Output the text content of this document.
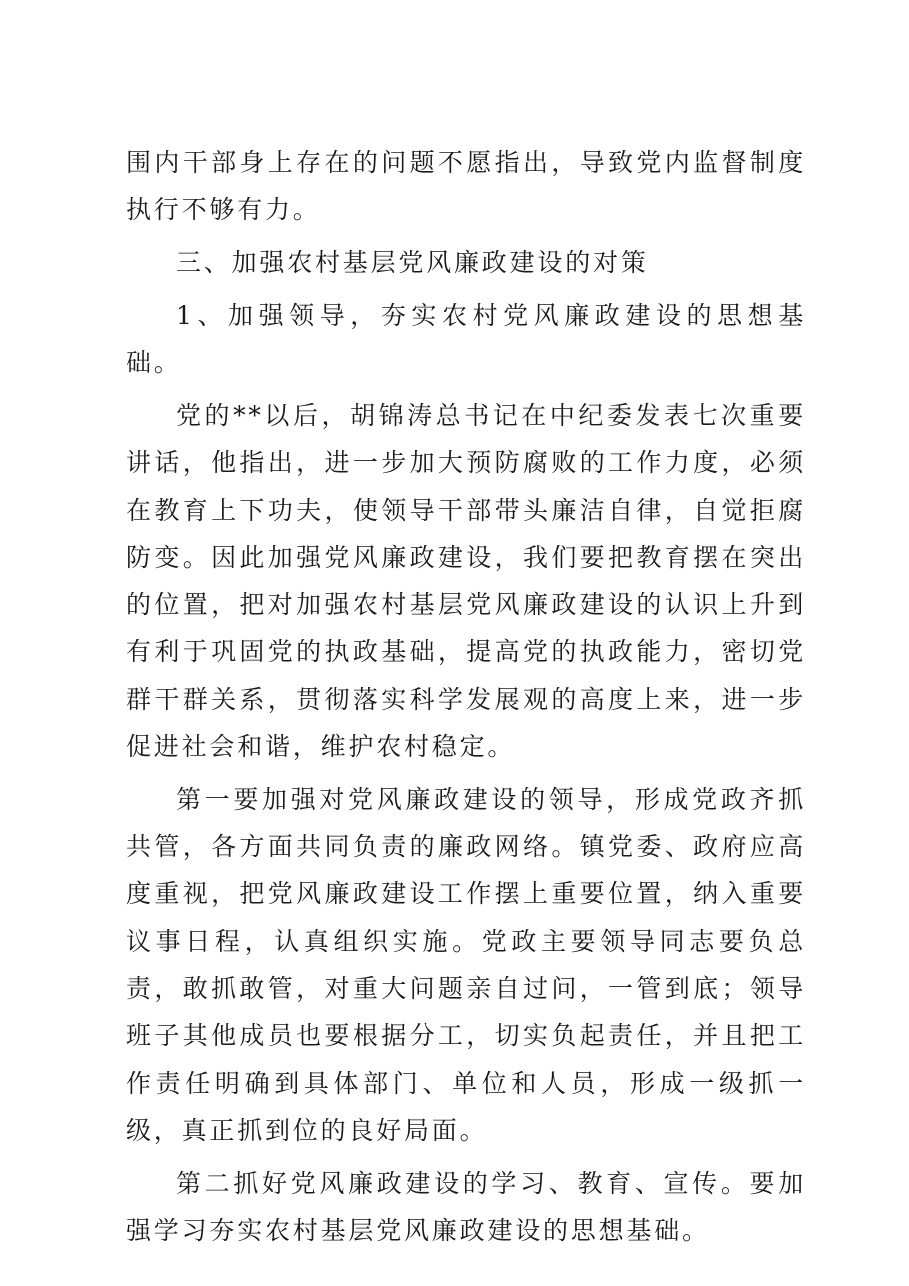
围内干部身上存在的问题不愿指出，导致党内监督制度执行不够有力。

三、加强农村基层党风廉政建设的对策

1、加强领导，夯实农村党风廉政建设的思想基础。

党的**以后，胡锦涛总书记在中纪委发表七次重要讲话，他指出，进一步加大预防腐败的工作力度，必须在教育上下功夫，使领导干部带头廉洁自律，自觉拒腐防变。因此加强党风廉政建设，我们要把教育摆在突出的位置，把对加强农村基层党风廉政建设的认识上升到有利于巩固党的执政基础，提高党的执政能力，密切党群干群关系，贯彻落实科学发展观的高度上来，进一步促进社会和谐，维护农村稳定。

第一要加强对党风廉政建设的领导，形成党政齐抓共管，各方面共同负责的廉政网络。镇党委、政府应高度重视，把党风廉政建设工作摆上重要位置，纳入重要议事日程，认真组织实施。党政主要领导同志要负总责，敢抓敢管，对重大问题亲自过问，一管到底；领导班子其他成员也要根据分工，切实负起责任，并且把工作责任明确到具体部门、单位和人员，形成一级抓一级，真正抓到位的良好局面。

第二抓好党风廉政建设的学习、教育、宣传。要加强学习夯实农村基层党风廉政建设的思想基础。
